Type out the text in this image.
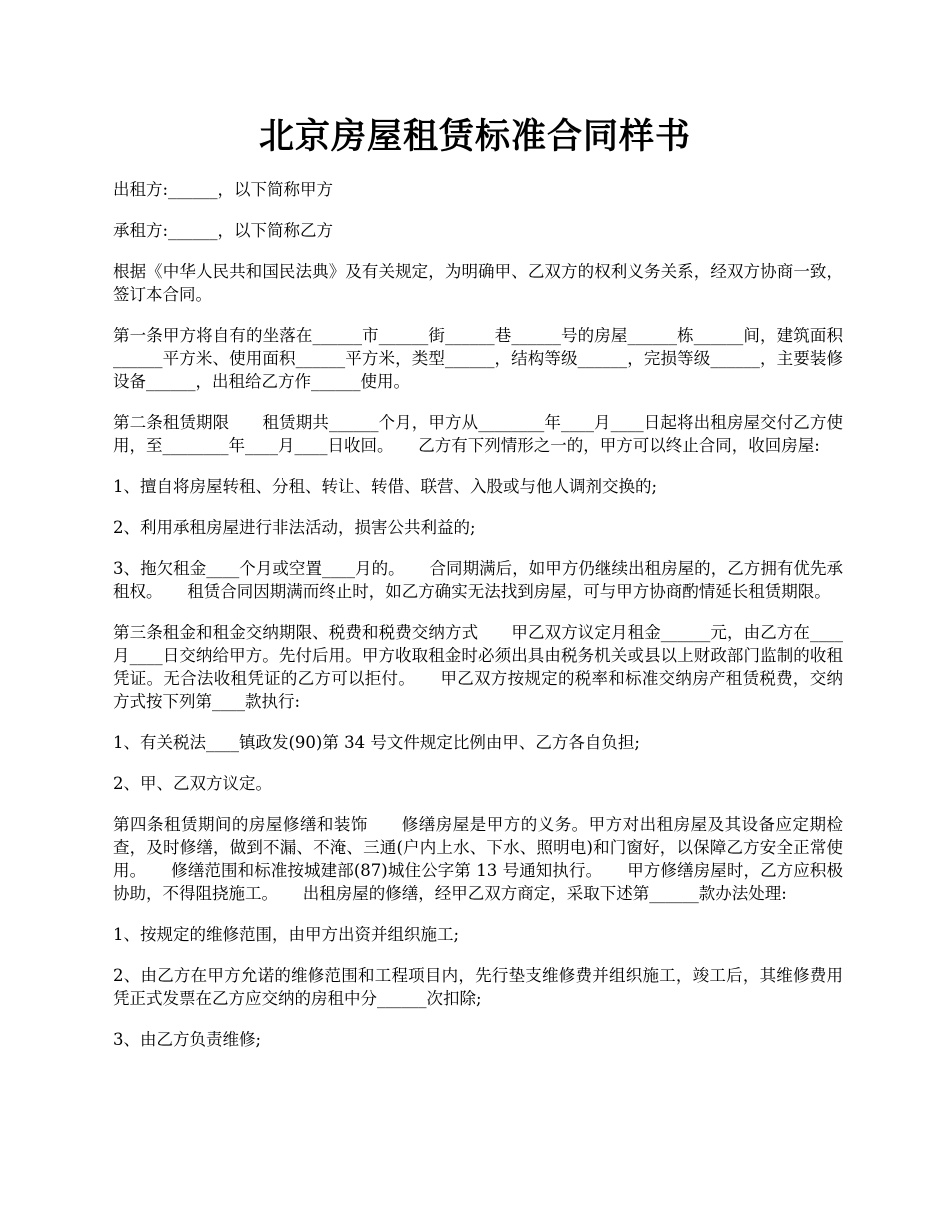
北京房屋租赁标准合同样书

出租方:______，以下简称甲方

承租方:______，以下简称乙方

根据《中华人民共和国民法典》及有关规定，为明确甲、乙双方的权利义务关系，经双方协商一致，签订本合同。

第一条甲方将自有的坐落在______市______街______巷______号的房屋______栋______间，建筑面积______平方米、使用面积______平方米，类型______，结构等级______，完损等级______，主要装修设备______，出租给乙方作______使用。

第二条租赁期限　　租赁期共______个月，甲方从________年____月____日起将出租房屋交付乙方使用，至________年____月____日收回。　　乙方有下列情形之一的，甲方可以终止合同，收回房屋:

1、擅自将房屋转租、分租、转让、转借、联营、入股或与他人调剂交换的;

2、利用承租房屋进行非法活动，损害公共利益的;

3、拖欠租金____个月或空置____月的。　　合同期满后，如甲方仍继续出租房屋的，乙方拥有优先承租权。　　租赁合同因期满而终止时，如乙方确实无法找到房屋，可与甲方协商酌情延长租赁期限。

第三条租金和租金交纳期限、税费和税费交纳方式　　甲乙双方议定月租金______元，由乙方在____月____日交纳给甲方。先付后用。甲方收取租金时必须出具由税务机关或县以上财政部门监制的收租凭证。无合法收租凭证的乙方可以拒付。　　甲乙双方按规定的税率和标准交纳房产租赁税费，交纳方式按下列第____款执行:

1、有关税法____镇政发(90)第 34 号文件规定比例由甲、乙方各自负担;

2、甲、乙双方议定。

第四条租赁期间的房屋修缮和装饰　　修缮房屋是甲方的义务。甲方对出租房屋及其设备应定期检查，及时修缮，做到不漏、不淹、三通(户内上水、下水、照明电)和门窗好，以保障乙方安全正常使用。　　修缮范围和标准按城建部(87)城住公字第 13 号通知执行。　　甲方修缮房屋时，乙方应积极协助，不得阻挠施工。　　出租房屋的修缮，经甲乙双方商定，采取下述第______款办法处理:

1、按规定的维修范围，由甲方出资并组织施工;

2、由乙方在甲方允诺的维修范围和工程项目内，先行垫支维修费并组织施工，竣工后，其维修费用凭正式发票在乙方应交纳的房租中分______次扣除;

3、由乙方负责维修;
